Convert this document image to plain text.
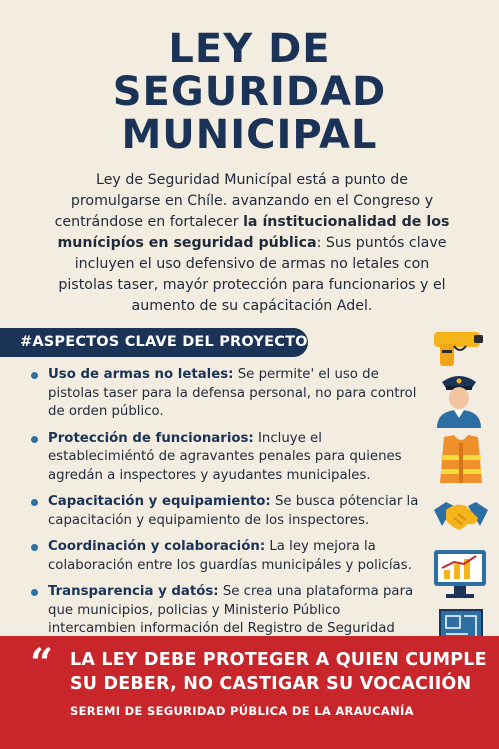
LEY DE
SEGURIDAD
MUNICIPAL

Ley de Seguridad Municípal está a punto de promulgarse en Chíle. avanzando en el Congreso y centrándose en fortalecer la ínstitucionalidad de los munícipíos en seguridad pública: Sus puntós clave incluyen el uso defensivo de armas no letales con pistolas taser, mayór protección para funcionarios y el aumento de su capácitación Adel.

#ASPECTOS CLAVE DEL PROYECTO
Uso de armas no letales: Se permite' el uso de pistolas taser para la defensa personal, no para control de orden público.
Protección de funcionarios: Incluye el establecimiéntó de agravantes penales para quienes agredán a inspectores y ayudantes municipales.
Capacitación y equipamiento: Se busca pótenciar la capacitación y equipamiento de los inspectores.
Coordinación y colaboración: La ley mejora la colaboración entre los guardías municipáles y policías.
Transparencia y datós: Se crea una plataforma para que municipios, policias y Ministerio Público intercambien información del Registro de Seguridad
“ LA LEY DEBE PROTEGER A QUIEN CUMPLE
SU DEBER, NO CASTIGAR SU VOCACIIÓN
SEREMI DE SEGURIDAD PÚBLICA DE LA ARAUCANÍA
